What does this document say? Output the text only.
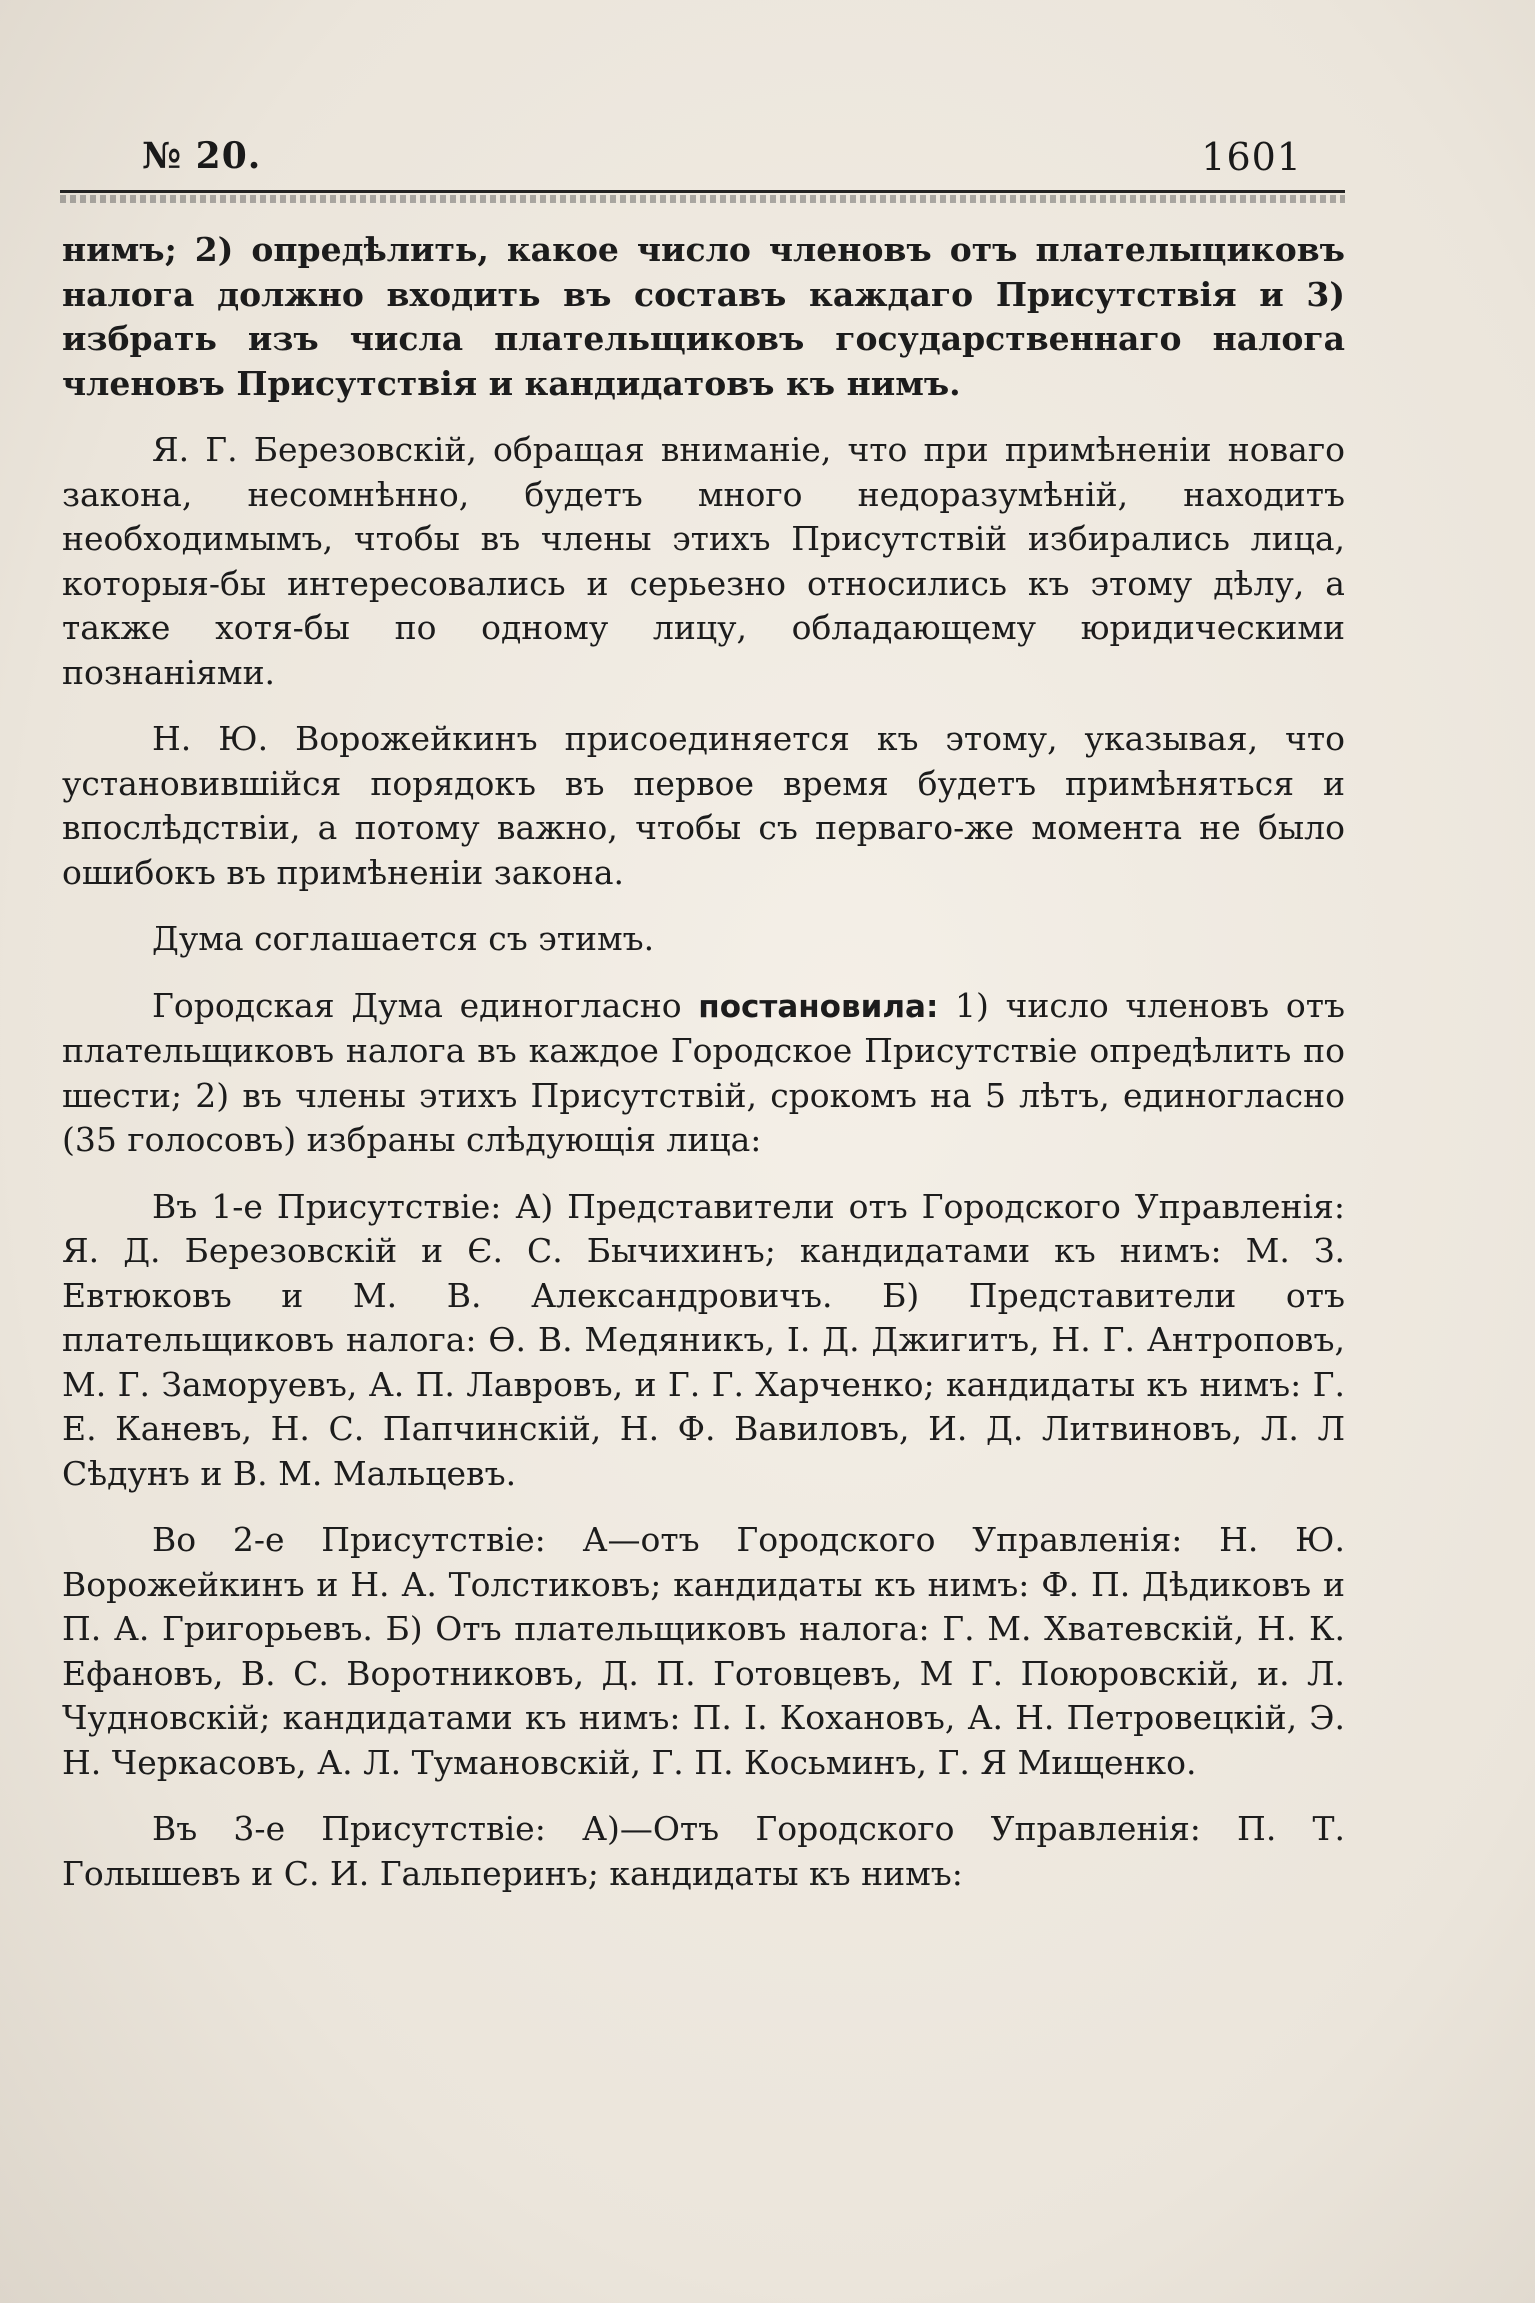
№ 20.	1601

нимъ; 2) опредѣлить, какое число членовъ отъ плателыциковъ налога должно входить въ составъ каждаго Присутствія и 3) избрать изъ числа плательщиковъ государственнаго налога членовъ Присутствія и кандидатовъ къ нимъ.

Я. Г. Березовскій, обращая вниманіе, что при примѣненіи новаго закона, несомнѣнно, будетъ много недоразумѣній, находитъ необходимымъ, чтобы въ члены этихъ Присутствій избирались лица, которыя-бы интересовались и серьезно относились къ этому дѣлу, а также хотя-бы по одному лицу, обладающему юридическими познаніями.

Н. Ю. Ворожейкинъ присоединяется къ этому, указывая, что установившійся порядокъ въ первое время будетъ примѣняться и впослѣдствіи, а потому важно, чтобы съ перваго-же момента не было ошибокъ въ примѣненіи закона.

Дума соглашается съ этимъ.

Городская Дума единогласно постановила: 1) число членовъ отъ плательщиковъ налога въ каждое Городское Присутствіе опредѣлить по шести; 2) въ члены этихъ Присутствій, срокомъ на 5 лѣтъ, единогласно (35 голосовъ) избраны слѣдующія лица:

Въ 1-е Присутствіе: А) Представители отъ Городского Управленія: Я. Д. Березовскій и Є. С. Бычихинъ; кандидатами къ нимъ: М. З. Евтюковъ и М. В. Александровичъ. Б) Представители отъ плательщиковъ налога: Ѳ. В. Медяникъ, І. Д. Джигитъ, Н. Г. Антроповъ, М. Г. Заморуевъ, А. П. Лавровъ, и Г. Г. Харченко; кандидаты къ нимъ: Г. Е. Каневъ, Н. С. Папчинскій, Н. Ф. Вавиловъ, И. Д. Литвиновъ, Л. Л Сѣдунъ и В. М. Мальцевъ.

Во 2-е Присутствіе: А—отъ Городского Управленія: Н. Ю. Ворожейкинъ и Н. А. Толстиковъ; кандидаты къ нимъ: Ф. П. Дѣдиковъ и П. А. Григорьевъ. Б) Отъ плательщиковъ налога: Г. М. Хватевскій, Н. К. Ефановъ, В. С. Воротниковъ, Д. П. Готовцевъ, М Г. Поюровскій, и. Л. Чудновскій; кандидатами къ нимъ: П. І. Кохановъ, А. Н. Петровецкій, Э. Н. Черкасовъ, А. Л. Тумановскій, Г. П. Косьминъ, Г. Я Мищенко.

Въ 3-е Присутствіе: А)—Отъ Городского Управленія: П. Т. Голышевъ и С. И. Гальперинъ; кандидаты къ нимъ:
